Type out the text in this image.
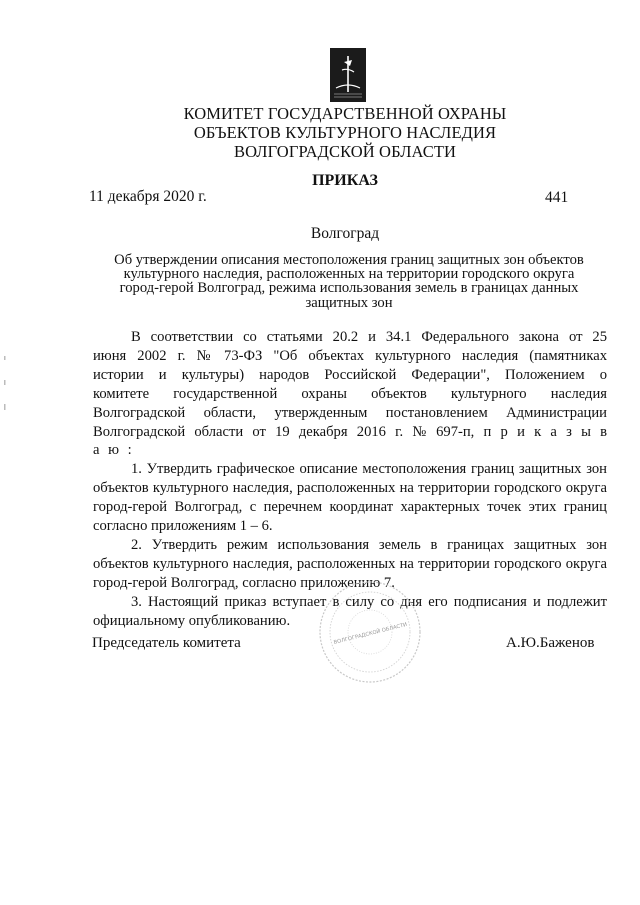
КОМИТЕТ ГОСУДАРСТВЕННОЙ ОХРАНЫ
ОБЪЕКТОВ КУЛЬТУРНОГО НАСЛЕДИЯ
ВОЛГОГРАДСКОЙ ОБЛАСТИ
ПРИКАЗ
11 декабря 2020 г.	441
Волгоград
Об утверждении описания местоположения границ защитных зон объектов культурного наследия, расположенных на территории городского округа город-герой Волгоград, режима использования земель в границах данных защитных зон

В соответствии со статьями 20.2 и 34.1 Федерального закона от 25 июня 2002 г. № 73-ФЗ "Об объектах культурного наследия (памятниках истории и культуры) народов Российской Федерации", Положением о комитете государственной охраны объектов культурного наследия Волгоградской области, утвержденным постановлением Администрации Волгоградской области от 19 декабря 2016 г. № 697-п, п р и к а з ы в а ю :

1. Утвердить графическое описание местоположения границ защитных зон объектов культурного наследия, расположенных на территории городского округа город-герой Волгоград, с перечнем координат характерных точек этих границ согласно приложениям 1 – 6.

2. Утвердить режим использования земель в границах защитных зон объектов культурного наследия, расположенных на территории городского округа город-герой Волгоград, согласно приложению 7.

3. Настоящий приказ вступает в силу со дня его подписания и подлежит официальному опубликованию.

ВОЛГОГРАДСКОЙ ОБЛАСТИ
Председатель комитета	А.Ю.Баженов
